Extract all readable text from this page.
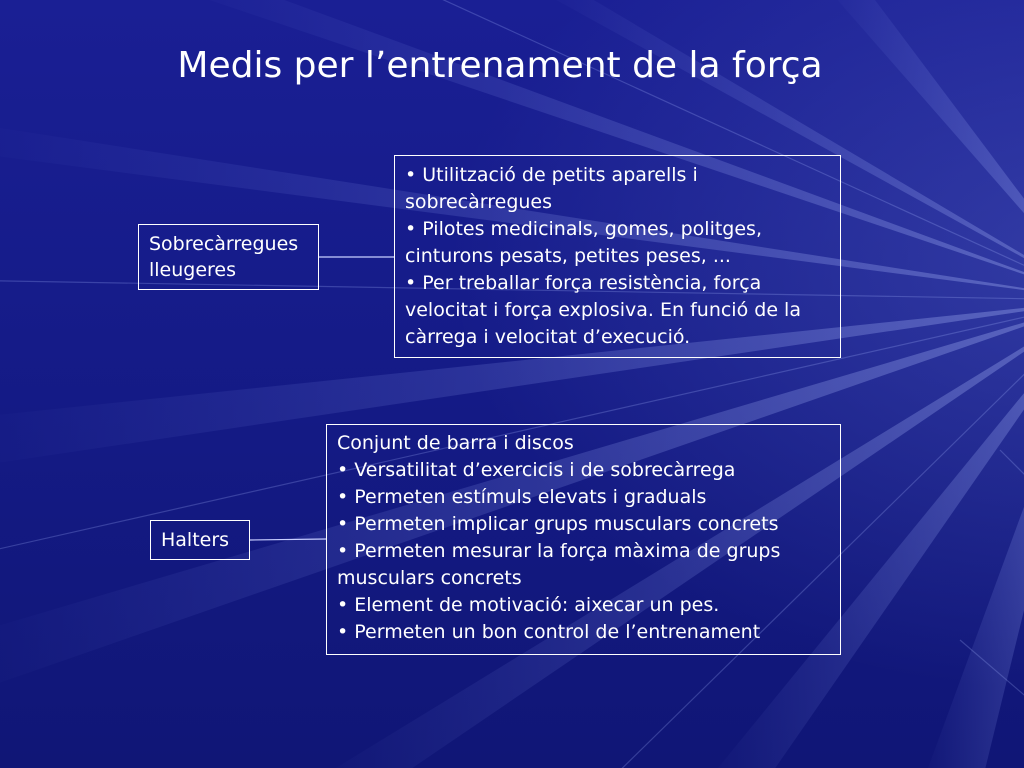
Medis per l’entrenament de la força
Sobrecàrregues
lleugeres
• Utilització de petits aparells i
sobrecàrregues
• Pilotes medicinals, gomes, politges,
cinturons pesats, petites peses, ...
• Per treballar força resistència, força
velocitat i força explosiva. En funció de la
càrrega i velocitat d’execució.
Halters
Conjunt de barra i discos
• Versatilitat d’exercicis i de sobrecàrrega
• Permeten estímuls elevats i graduals
• Permeten implicar grups musculars concrets
• Permeten mesurar la força màxima de grups
musculars concrets
• Element de motivació: aixecar un pes.
• Permeten un bon control de l’entrenament
